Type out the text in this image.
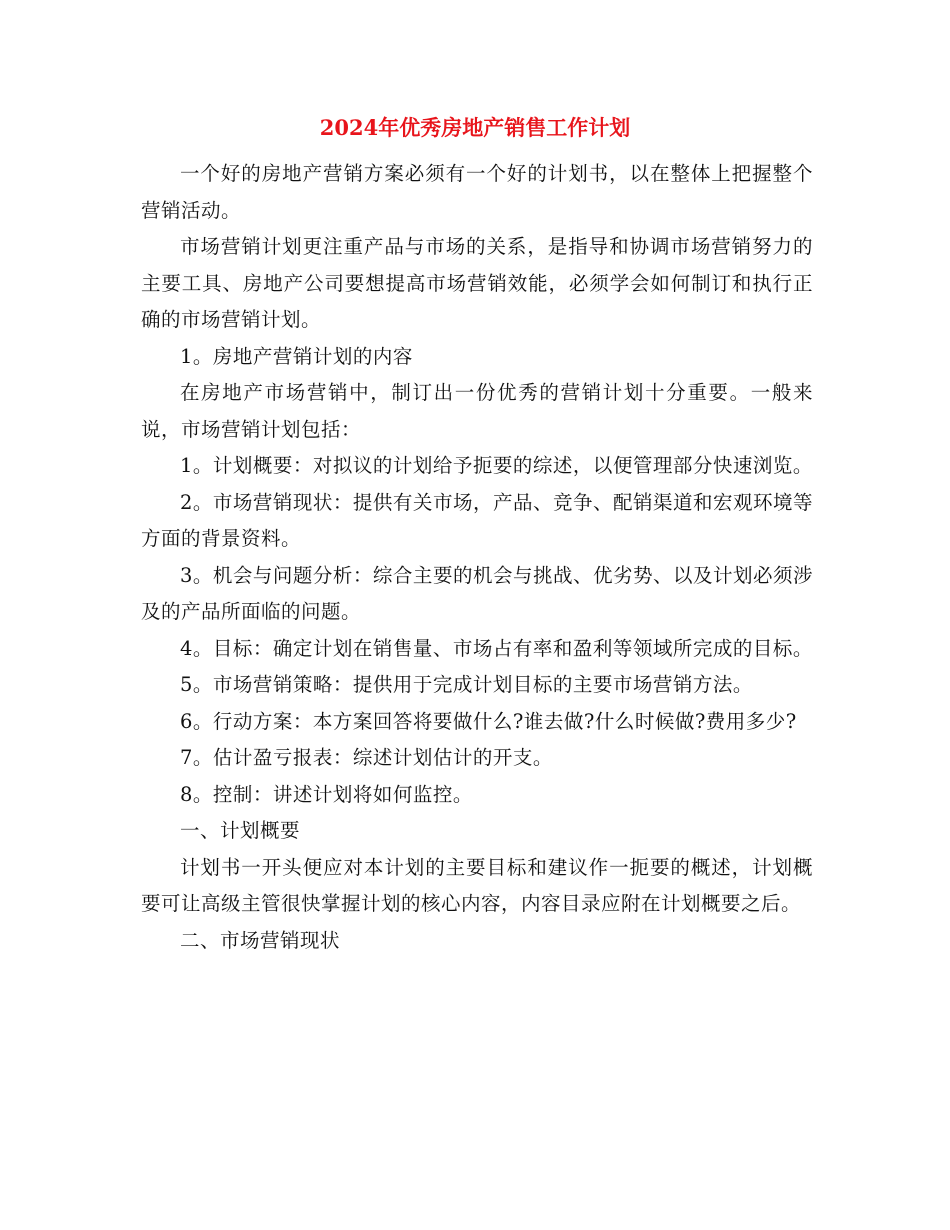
2024年优秀房地产销售工作计划

一个好的房地产营销方案必须有一个好的计划书，以在整体上把握整个营销活动。

市场营销计划更注重产品与市场的关系，是指导和协调市场营销努力的主要工具、房地产公司要想提高市场营销效能，必须学会如何制订和执行正确的市场营销计划。

1。房地产营销计划的内容

在房地产市场营销中，制订出一份优秀的营销计划十分重要。一般来说，市场营销计划包括：

1。计划概要：对拟议的计划给予扼要的综述，以便管理部分快速浏览。

2。市场营销现状：提供有关市场，产品、竞争、配销渠道和宏观环境等方面的背景资料。

3。机会与问题分析：综合主要的机会与挑战、优劣势、以及计划必须涉及的产品所面临的问题。

4。目标：确定计划在销售量、市场占有率和盈利等领域所完成的目标。

5。市场营销策略：提供用于完成计划目标的主要市场营销方法。

6。行动方案：本方案回答将要做什么?谁去做?什么时候做?费用多少?

7。估计盈亏报表：综述计划估计的开支。

8。控制：讲述计划将如何监控。

一、计划概要

计划书一开头便应对本计划的主要目标和建议作一扼要的概述，计划概要可让高级主管很快掌握计划的核心内容，内容目录应附在计划概要之后。

二、市场营销现状
